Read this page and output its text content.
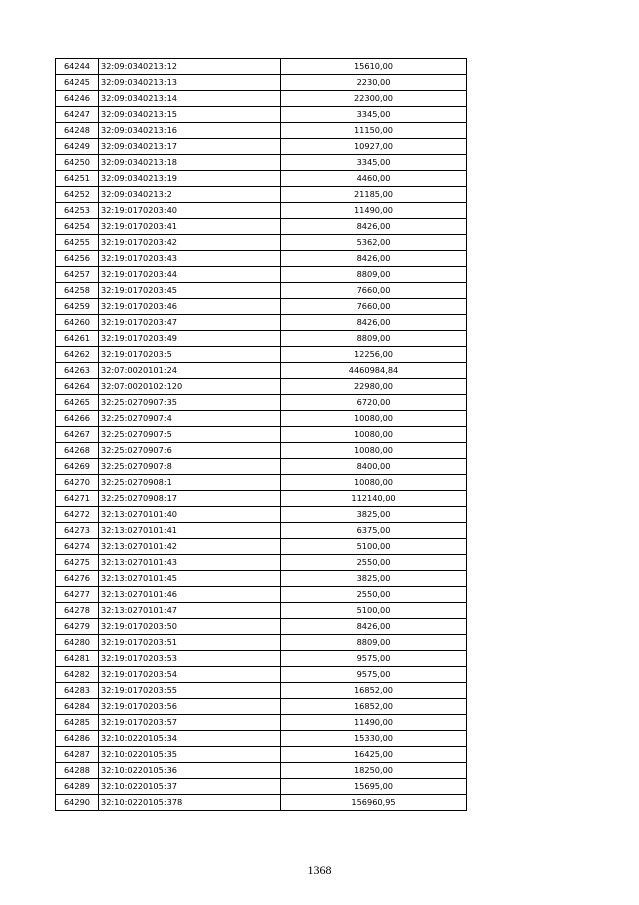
64244	32:09:0340213:12	15610,00
64245	32:09:0340213:13	2230,00
64246	32:09:0340213:14	22300,00
64247	32:09:0340213:15	3345,00
64248	32:09:0340213:16	11150,00
64249	32:09:0340213:17	10927,00
64250	32:09:0340213:18	3345,00
64251	32:09:0340213:19	4460,00
64252	32:09:0340213:2	21185,00
64253	32:19:0170203:40	11490,00
64254	32:19:0170203:41	8426,00
64255	32:19:0170203:42	5362,00
64256	32:19:0170203:43	8426,00
64257	32:19:0170203:44	8809,00
64258	32:19:0170203:45	7660,00
64259	32:19:0170203:46	7660,00
64260	32:19:0170203:47	8426,00
64261	32:19:0170203:49	8809,00
64262	32:19:0170203:5	12256,00
64263	32:07:0020101:24	4460984,84
64264	32:07:0020102:120	22980,00
64265	32:25:0270907:35	6720,00
64266	32:25:0270907:4	10080,00
64267	32:25:0270907:5	10080,00
64268	32:25:0270907:6	10080,00
64269	32:25:0270907:8	8400,00
64270	32:25:0270908:1	10080,00
64271	32:25:0270908:17	112140,00
64272	32:13:0270101:40	3825,00
64273	32:13:0270101:41	6375,00
64274	32:13:0270101:42	5100,00
64275	32:13:0270101:43	2550,00
64276	32:13:0270101:45	3825,00
64277	32:13:0270101:46	2550,00
64278	32:13:0270101:47	5100,00
64279	32:19:0170203:50	8426,00
64280	32:19:0170203:51	8809,00
64281	32:19:0170203:53	9575,00
64282	32:19:0170203:54	9575,00
64283	32:19:0170203:55	16852,00
64284	32:19:0170203:56	16852,00
64285	32:19:0170203:57	11490,00
64286	32:10:0220105:34	15330,00
64287	32:10:0220105:35	16425,00
64288	32:10:0220105:36	18250,00
64289	32:10:0220105:37	15695,00
64290	32:10:0220105:378	156960,95
1368
